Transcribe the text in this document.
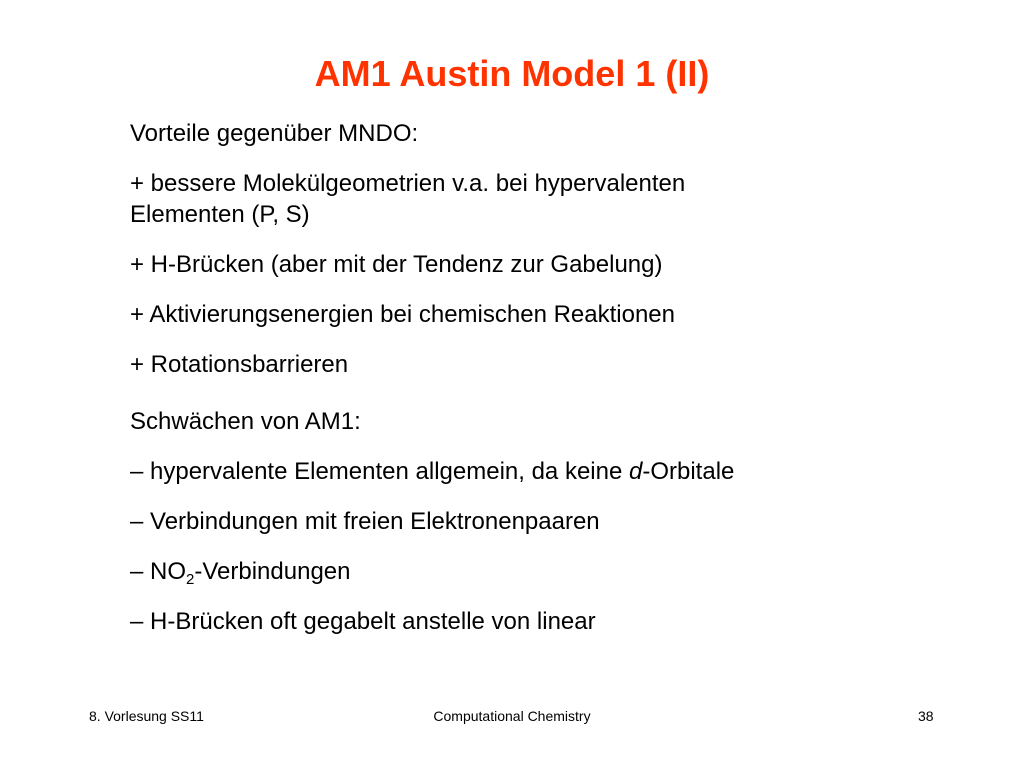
AM1 Austin Model 1 (II)
Vorteile gegenüber MNDO:
+ bessere Molekülgeometrien v.a. bei hypervalenten
Elementen (P, S)
+ H-Brücken (aber mit der Tendenz zur Gabelung)
+ Aktivierungsenergien bei chemischen Reaktionen
+ Rotationsbarrieren
Schwächen von AM1:
– hypervalente Elementen allgemein, da keine d-Orbitale
– Verbindungen mit freien Elektronenpaaren
– $NO_2$-Verbindungen
– H-Brücken oft gegabelt anstelle von linear
8. Vorlesung SS11	Computational Chemistry	38
